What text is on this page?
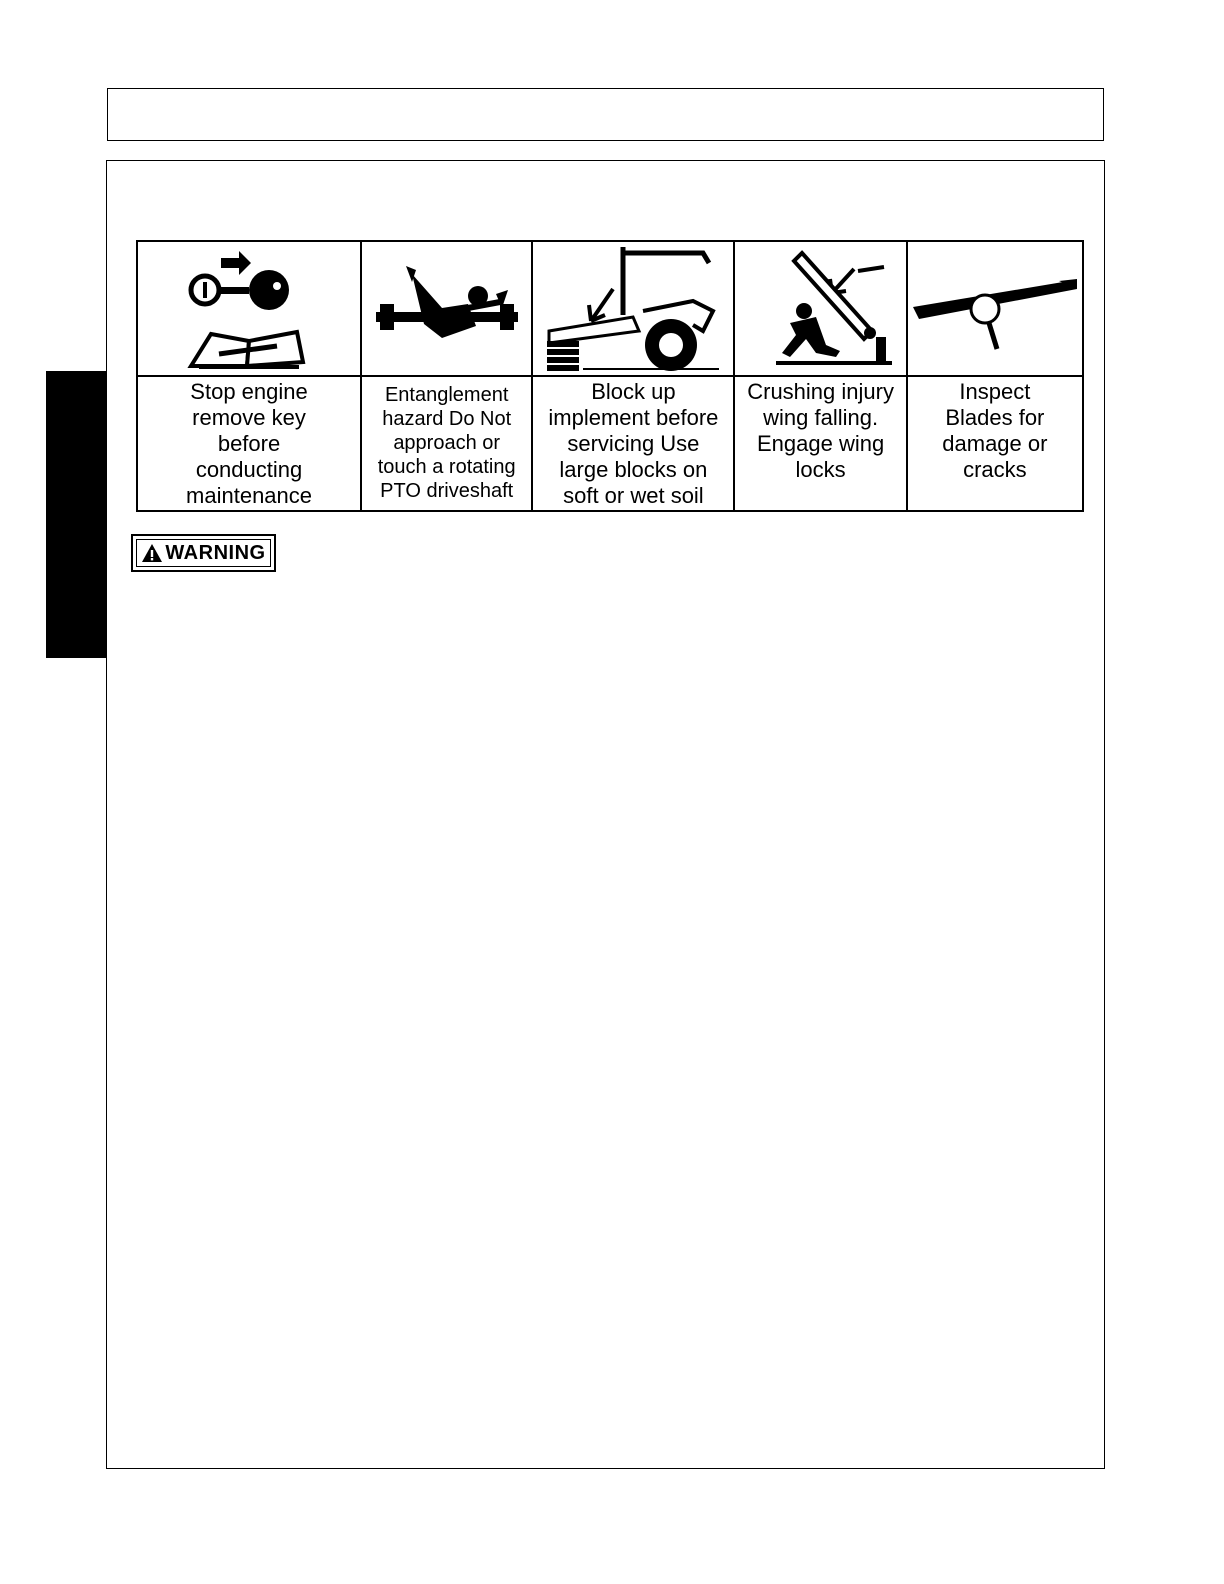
Stop engine
remove key
before
conducting
maintenance
Entanglement
hazard Do Not
approach or
touch a rotating
PTO driveshaft
Block up
implement before
servicing Use
large blocks on
soft or wet soil
Crushing injury
wing falling.
Engage wing
locks
Inspect
Blades for
damage or
cracks
WARNING
